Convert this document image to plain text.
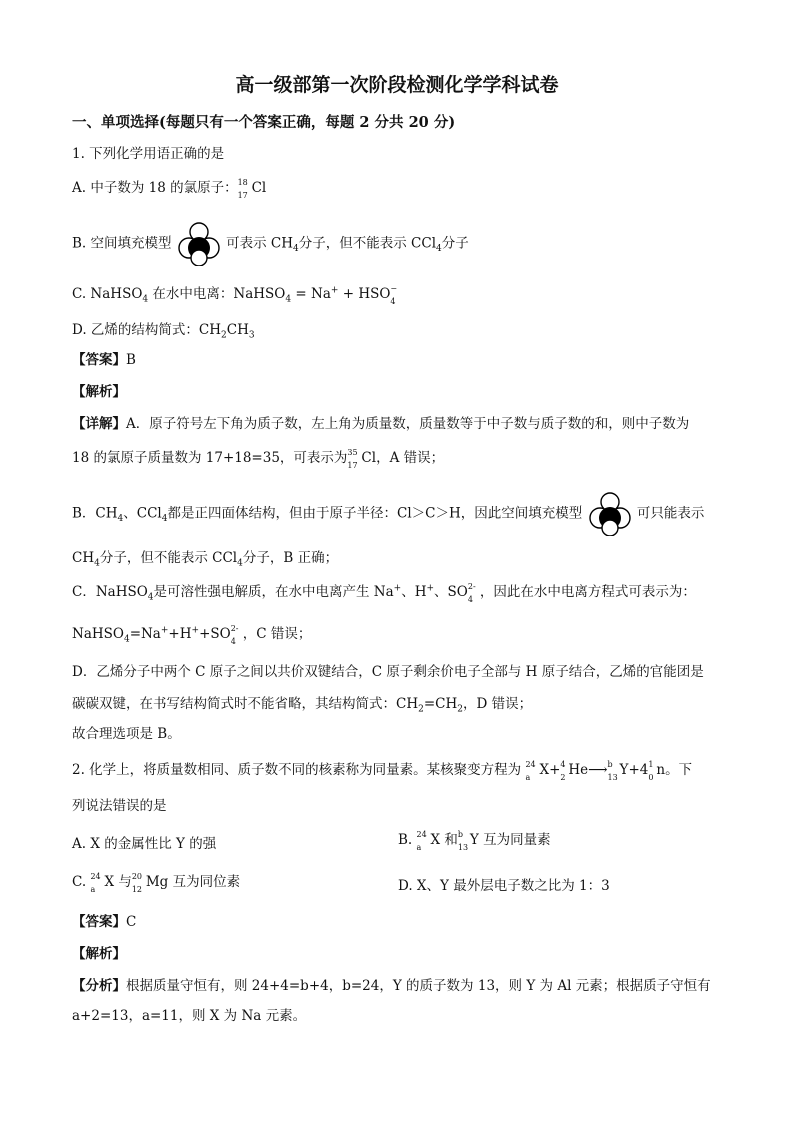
高一级部第一次阶段检测化学学科试卷
一、单项选择(每题只有一个答案正确，每题 2 分共 20 分)
1. 下列化学用语正确的是
A. 中子数为 18 的氯原子： 18
17 Cl
B. 空间填充模型	可表示 $CH_4$分子，但不能表示 CCl$_4$分子
C. NaHSO$_4$ 在水中电离：NaHSO$_4$ = Na+ + HSO −
4
D. 乙烯的结构简式：$CH_2CH_3$
【答案】B
【解析】
【详解】A．原子符号左下角为质子数，左上角为质量数，质量数等于中子数与质子数的和，则中子数为
18 的氯原子质量数为 17+18=35，可表示为 35
17 Cl，A 错误；
B．$CH_4$、CCl$_4$都是正四面体结构，但由于原子半径：Cl＞C＞H，因此空间填充模型	可只能表示
$CH_4$分子，但不能表示 CCl$_4$分子，B 正确；
C．NaHSO$_4$是可溶性强电解质，在水中电离产生 Na+、H+、SO 2-
4 ，因此在水中电离方程式可表示为：
NaHSO$_4$=Na++H++SO 2-
4 ，C 错误；
D．乙烯分子中两个 C 原子之间以共价双键结合，C 原子剩余价电子全部与 H 原子结合，乙烯的官能团是
碳碳双键，在书写结构简式时不能省略，其结构简式：$CH_2=CH_2$，D 错误；
故合理选项是 B。
2. 化学上，将质量数相同、质子数不同的核素称为同量素。某核聚变方程为 24
a X+ 4
2 He⟶ b
13 Y+4 1
0 n。下
列说法错误的是
A. X 的金属性比 Y 的强	B. 24
a X 和 b
13 Y 互为同量素
C. 24
a X 与 20
12 Mg 互为同位素	D. X、Y 最外层电子数之比为 1：3
【答案】C
【解析】
【分析】根据质量守恒有，则 24+4=b+4，b=24，Y 的质子数为 13，则 Y 为 Al 元素；根据质子守恒有
a+2=13，a=11，则 X 为 Na 元素。
